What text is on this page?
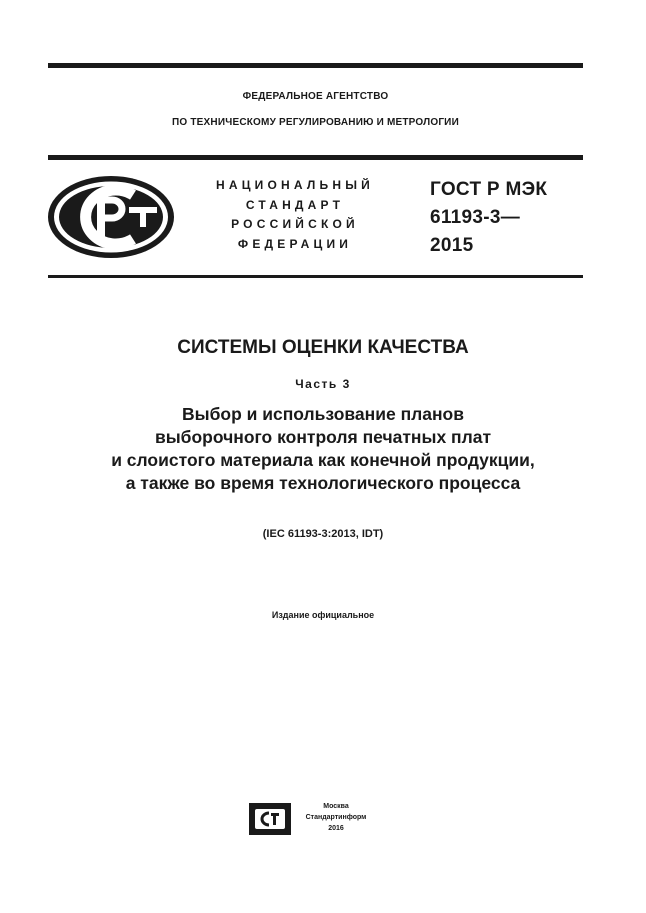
ФЕДЕРАЛЬНОЕ АГЕНТСТВО
ПО ТЕХНИЧЕСКОМУ РЕГУЛИРОВАНИЮ И МЕТРОЛОГИИ
НАЦИОНАЛЬНЫЙ
СТАНДАРТ
РОССИЙСКОЙ
ФЕДЕРАЦИИ
ГОСТ Р МЭК
61193-3—
2015
СИСТЕМЫ ОЦЕНКИ КАЧЕСТВА
Часть 3
Выбор и использование планов
выборочного контроля печатных плат
и слоистого материала как конечной продукции,
а также во время технологического процесса
(IEC 61193-3:2013, IDT)
Издание официальное
Москва
Стандартинформ
2016
